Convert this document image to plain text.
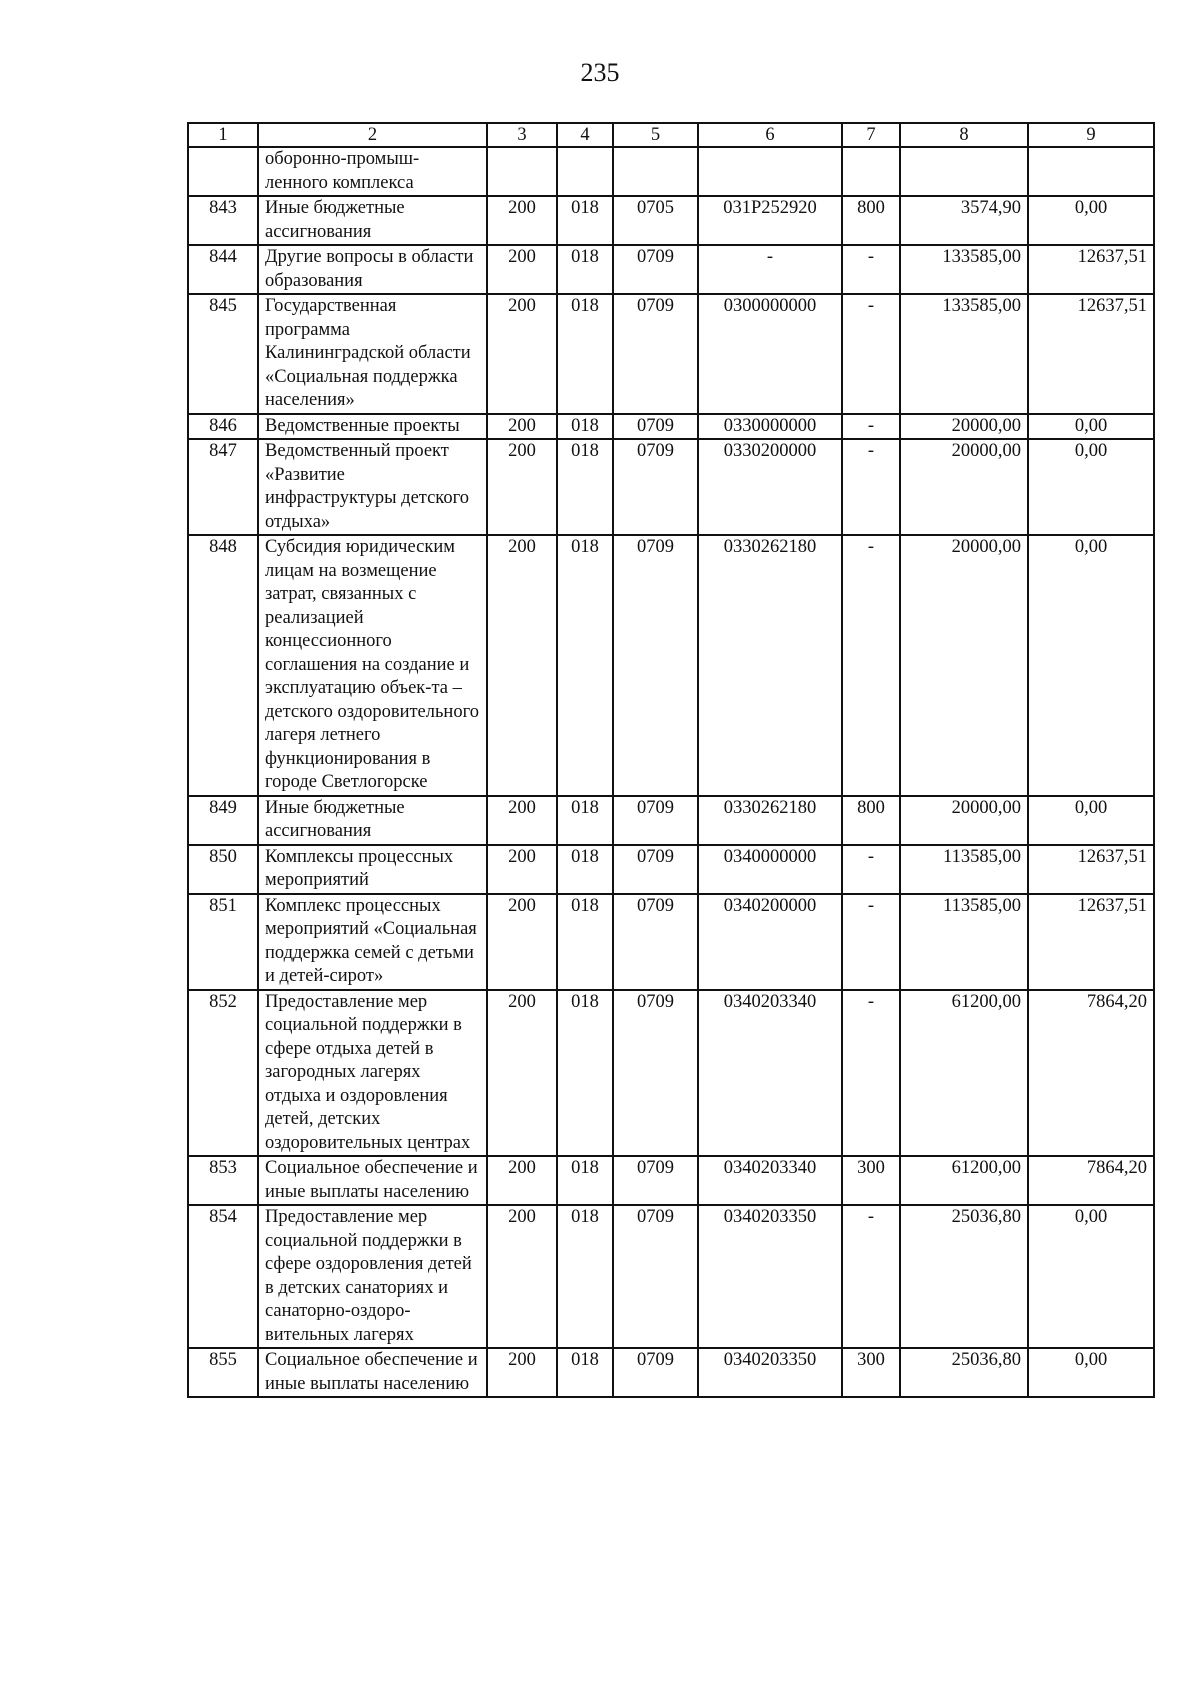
235
1	2	3	4	5	6	7	8	9
	оборонно-промыш-ленного комплекса							
843	Иные бюджетные ассигнования	200	018	0705	031P252920	800	3574,90	0,00
844	Другие вопросы в области образования	200	018	0709	-	-	133585,00	12637,51
845	Государственная программа Калининградской области «Социальная поддержка населения»	200	018	0709	0300000000	-	133585,00	12637,51
846	Ведомственные проекты	200	018	0709	0330000000	-	20000,00	0,00
847	Ведомственный проект «Развитие инфраструктуры детского отдыха»	200	018	0709	0330200000	-	20000,00	0,00
848	Субсидия юридическим лицам на возмещение затрат, связанных с реализацией концессионного соглашения на создание и эксплуатацию объек-та – детского оздоровительного лагеря летнего функционирования в городе Светлогорске	200	018	0709	0330262180	-	20000,00	0,00
849	Иные бюджетные ассигнования	200	018	0709	0330262180	800	20000,00	0,00
850	Комплексы процессных мероприятий	200	018	0709	0340000000	-	113585,00	12637,51
851	Комплекс процессных мероприятий «Социальная поддержка семей с детьми и детей-сирот»	200	018	0709	0340200000	-	113585,00	12637,51
852	Предоставление мер социальной поддержки в сфере отдыха детей в загородных лагерях отдыха и оздоровления детей, детских оздоровительных центрах	200	018	0709	0340203340	-	61200,00	7864,20
853	Социальное обеспечение и иные выплаты населению	200	018	0709	0340203340	300	61200,00	7864,20
854	Предоставление мер социальной поддержки в сфере оздоровления детей в детских санаториях и санаторно-оздоро-вительных лагерях	200	018	0709	0340203350	-	25036,80	0,00
855	Социальное обеспечение и иные выплаты населению	200	018	0709	0340203350	300	25036,80	0,00
